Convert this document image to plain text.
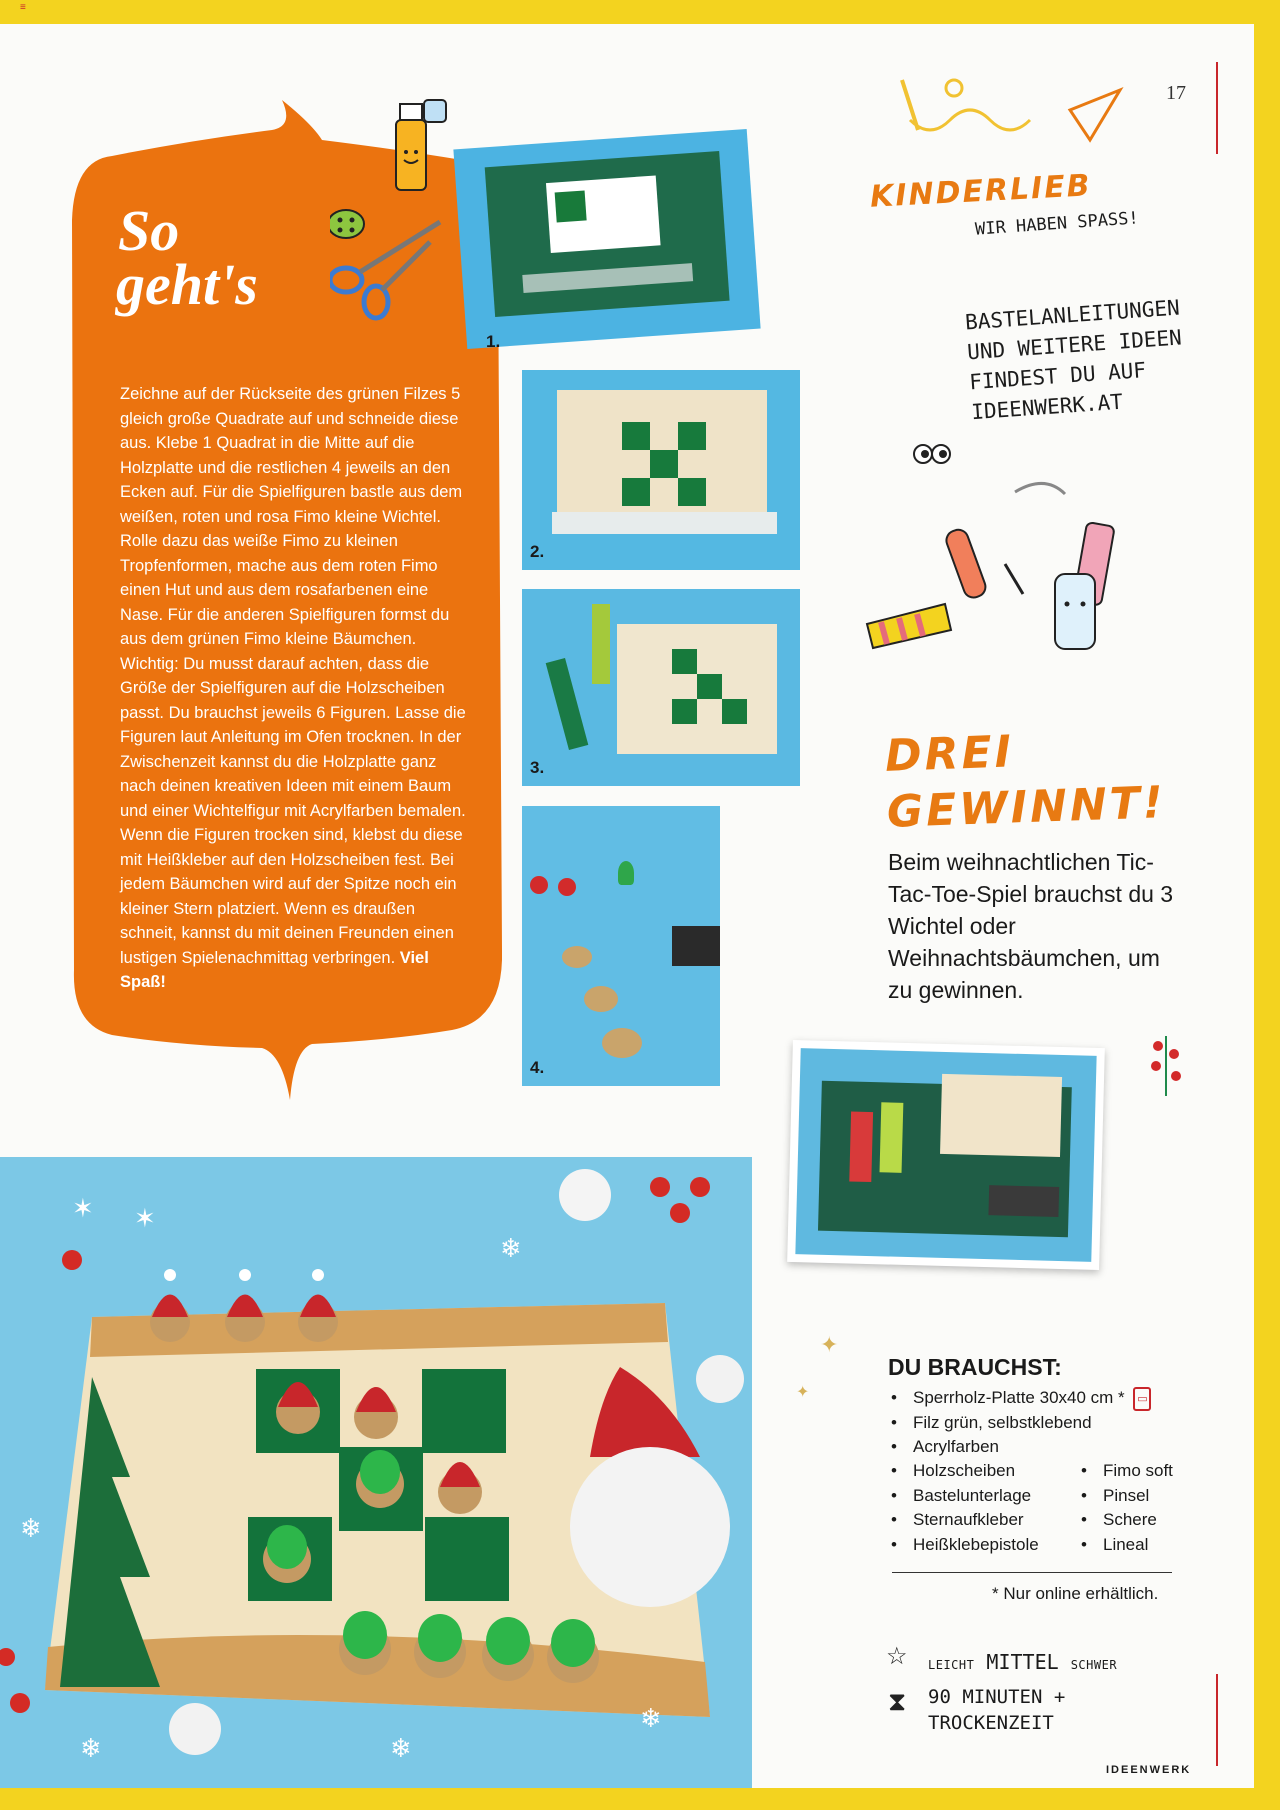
≡
17
So
geht's
Zeichne auf der Rückseite des grünen Filzes 5 gleich große Quadrate auf und schneide diese aus. Klebe 1 Quadrat in die Mitte auf die Holzplatte und die restlichen 4 jeweils an den Ecken auf. Für die Spielfiguren bastle aus dem weißen, roten und rosa Fimo kleine Wichtel. Rolle dazu das weiße Fimo zu kleinen Tropfenformen, mache aus dem roten Fimo einen Hut und aus dem rosafarbenen eine Nase. Für die anderen Spielfiguren formst du aus dem grünen Fimo kleine Bäumchen. Wichtig: Du musst darauf achten, dass die Größe der Spielfiguren auf die Holzscheiben passt. Du brauchst jeweils 6 Figuren. Lasse die Figuren laut Anleitung im Ofen trocknen. In der Zwischenzeit kannst du die Holzplatte ganz nach deinen kreativen Ideen mit einem Baum und einer Wichtelfigur mit Acrylfarben bemalen. Wenn die Figuren trocken sind, klebst du diese mit Heißkleber auf den Holzscheiben fest. Bei jedem Bäumchen wird auf der Spitze noch ein kleiner Stern platziert. Wenn es draußen schneit, kannst du mit deinen Freunden einen lustigen Spielenachmittag verbringen. Viel Spaß!
1.
2.
3.
4.
KINDERLIEB
WIR HABEN SPASS!
BASTELANLEITUNGEN UND WEITERE IDEEN FINDEST DU AUF IDEENWERK.AT
DREI
GEWINNT!
Beim weihnachtlichen Tic-Tac-Toe-Spiel brauchst du 3 Wichtel oder Weihnachtsbäumchen, um zu gewinnen.
✦
✦
DU BRAUCHST:
• Sperrholz-Platte 30x40 cm * ▭
• Filz grün, selbstklebend
• Acrylfarben
• Holzscheiben
• Bastelunterlage
• Sternaufkleber
• Heißklebepistole
• Fimo soft
• Pinsel
• Schere
• Lineal
* Nur online erhältlich.
☆ LEICHT MITTEL SCHWER
⧗ 90 MINUTEN +
TROCKENZEIT
IDEENWERK
✶ ✶
❄
❄
❄	❄
❄
